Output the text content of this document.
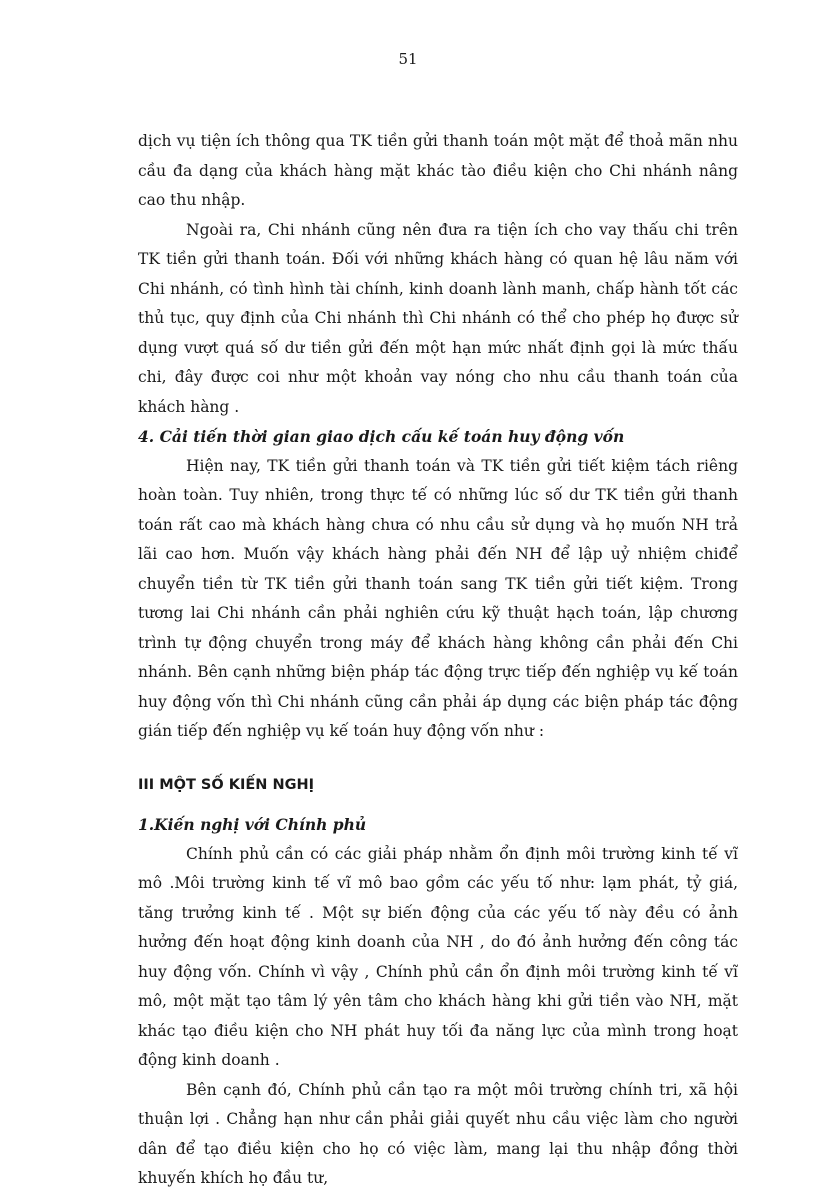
51

dịch vụ tiện ích thông qua TK tiền gửi thanh toán một mặt để thoả mãn nhu cầu đa dạng của khách hàng mặt khác tào điều kiện cho Chi nhánh nâng cao thu nhập.

Ngoài ra, Chi nhánh cũng nên đưa ra tiện ích cho vay thấu chi trên TK tiền gửi thanh toán. Đối với những khách hàng có quan hệ lâu năm với Chi nhánh, có tình hình tài chính, kinh doanh lành manh, chấp hành tốt các thủ tục, quy định của Chi nhánh thì Chi nhánh có thể cho phép họ được sử dụng vượt quá số dư tiền gửi đến một hạn mức nhất định gọi là mức thấu chi, đây được coi như một khoản vay nóng cho nhu cầu thanh toán của khách hàng .

4. Cải tiến thời gian giao dịch cấu kế toán huy động vốn

Hiện nay, TK tiền gửi thanh toán và TK tiền gửi tiết kiệm tách riêng hoàn toàn. Tuy nhiên, trong thực tế có những lúc số dư TK tiền gửi thanh toán rất cao mà khách hàng chưa có nhu cầu sử dụng và họ muốn NH trả lãi cao hơn. Muốn vậy khách hàng phải đến NH để lập uỷ nhiệm chiđể chuyển tiền từ TK tiền gửi thanh toán sang TK tiền gửi tiết kiệm. Trong tương lai Chi nhánh cần phải nghiên cứu kỹ thuật hạch toán, lập chương trình tự động chuyển trong máy để khách hàng không cần phải đến Chi nhánh. Bên cạnh những biện pháp tác động trực tiếp đến nghiệp vụ kế toán huy động vốn thì Chi nhánh cũng cần phải áp dụng các biện pháp tác động gián tiếp đến nghiệp vụ kế toán huy động vốn như :

III MỘT SỐ KIẾN NGHỊ

1.Kiến nghị với Chính phủ

Chính phủ cần có các giải pháp nhằm ổn định môi trường kinh tế vĩ mô .Môi trường kinh tế vĩ mô bao gồm các yếu tố như: lạm phát, tỷ giá, tăng trưởng kinh tế . Một sự biến động của các yếu tố này đều có ảnh hưởng đến hoạt động kinh doanh của NH , do đó ảnh hưởng đến công tác huy động vốn. Chính vì vậy , Chính phủ cần ổn định môi trường kinh tế vĩ mô, một mặt tạo tâm lý yên tâm cho khách hàng khi gửi tiền vào NH, mặt khác tạo điều kiện cho NH phát huy tối đa năng lực của mình trong hoạt động kinh doanh .

Bên cạnh đó, Chính phủ cần tạo ra một môi trường chính tri, xã hội thuận lợi . Chẳng hạn như cần phải giải quyết nhu cầu việc làm cho người dân để tạo điều kiện cho họ có việc làm, mang lại thu nhập đồng thời khuyến khích họ đầu tư,
